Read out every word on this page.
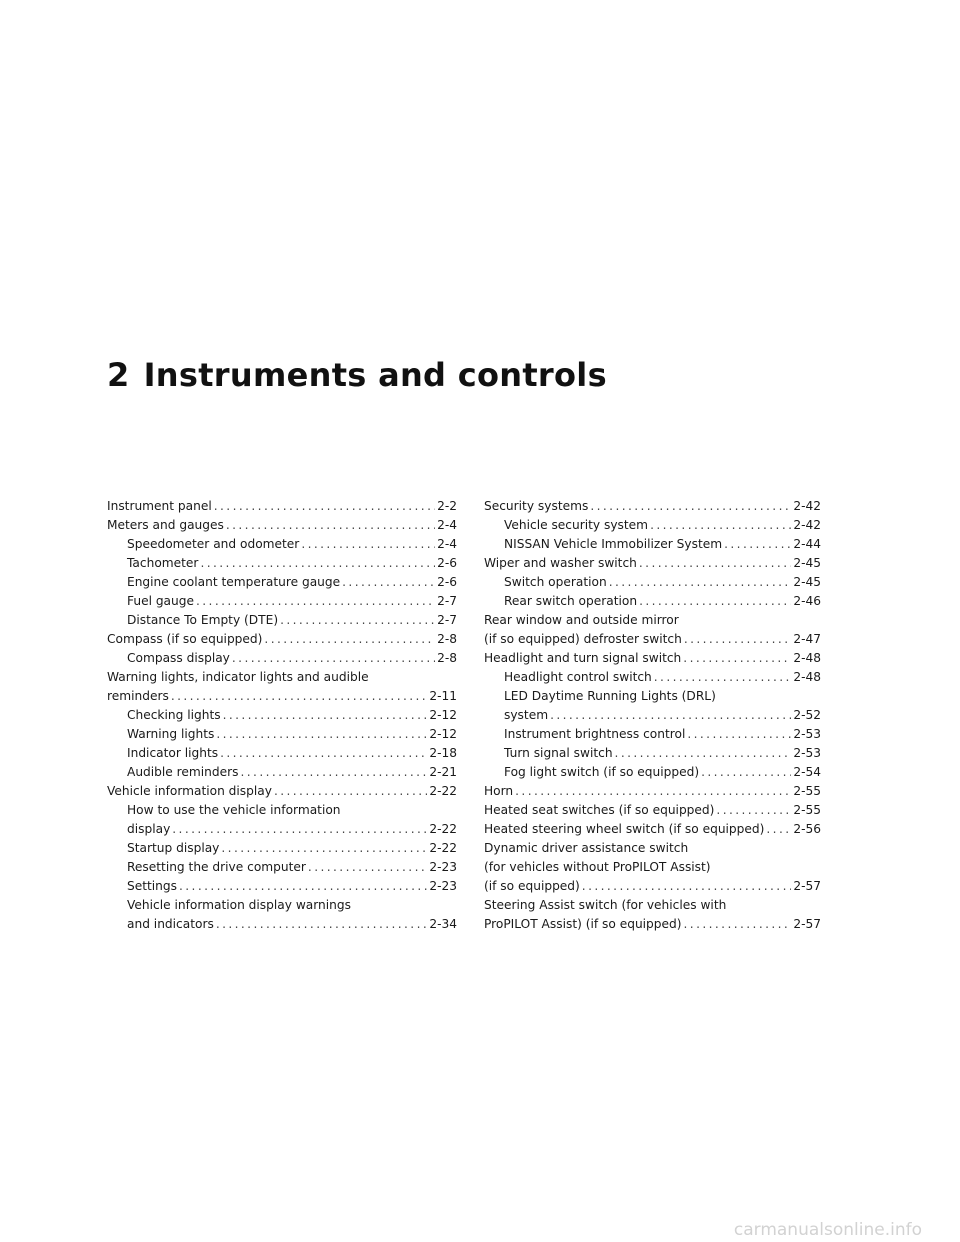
2 Instruments and controls
Instrument panel .....	2-2
Meters and gauges .....	2-4
Speedometer and odometer .....	2-4
Tachometer .....	2-6
Engine coolant temperature gauge .....	2-6
Fuel gauge .....	2-7
Distance To Empty (DTE) .....	2-7
Compass (if so equipped) .....	2-8
Compass display .....	2-8
Warning lights, indicator lights and audible
reminders .....	2-11
Checking lights .....	2-12
Warning lights .....	2-12
Indicator lights .....	2-18
Audible reminders .....	2-21
Vehicle information display .....	2-22
How to use the vehicle information
display .....	2-22
Startup display .....	2-22
Resetting the drive computer .....	2-23
Settings .....	2-23
Vehicle information display warnings
and indicators .....	2-34
Security systems .....	2-42
Vehicle security system .....	2-42
NISSAN Vehicle Immobilizer System .....	2-44
Wiper and washer switch .....	2-45
Switch operation .....	2-45
Rear switch operation .....	2-46
Rear window and outside mirror
(if so equipped) defroster switch .....	2-47
Headlight and turn signal switch .....	2-48
Headlight control switch .....	2-48
LED Daytime Running Lights (DRL)
system .....	2-52
Instrument brightness control .....	2-53
Turn signal switch .....	2-53
Fog light switch (if so equipped) .....	2-54
Horn .....	2-55
Heated seat switches (if so equipped) .....	2-55
Heated steering wheel switch (if so equipped) ..... 2-56
Dynamic driver assistance switch
(for vehicles without ProPILOT Assist)
(if so equipped) .....	2-57
Steering Assist switch (for vehicles with
ProPILOT Assist) (if so equipped) .....	2-57
carmanualsonline.info
